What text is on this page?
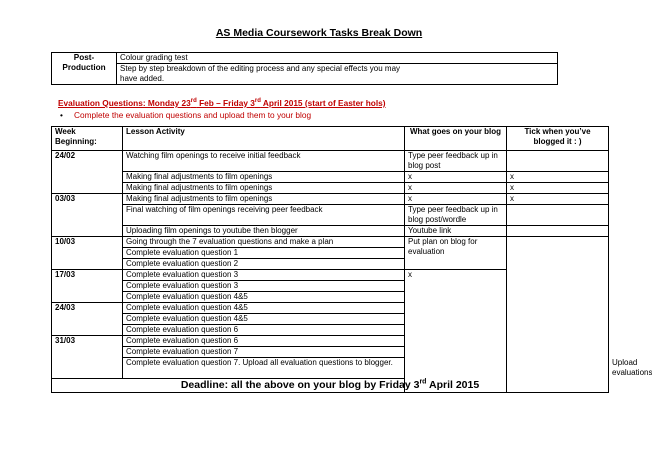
AS Media Coursework Tasks Break Down
Post-Production	Colour grading test
Step by step breakdown of the editing process and any special effects you may have added.
Evaluation Questions: Monday 23rd Feb – Friday 3rd April 2015 (start of Easter hols)
• Complete the evaluation questions and upload them to your blog
Week Beginning:	Lesson Activity	What goes on your blog	Tick when you’ve blogged it : )	
24/02	Watching film openings to receive initial feedback	Type peer feedback up in blog post		
	Making final adjustments to film openings	x	x	
	Making final adjustments to film openings	x	x	
03/03	Making final adjustments to film openings	x	x	
	Final watching of film openings receiving peer feedback	Type peer feedback up in blog post/wordle		
	Uploading film openings to youtube then blogger	Youtube link		
10/03	Going through the 7 evaluation questions and make a plan	Put plan on blog for evaluation		
	Complete evaluation question 1			
	Complete evaluation question 2			
17/03	Complete evaluation question 3	x		
	Complete evaluation question 3			
	Complete evaluation question 4&5			
24/03	Complete evaluation question 4&5			
	Complete evaluation question 4&5			
	Complete evaluation question 6			
31/03	Complete evaluation question 6			
	Complete evaluation question 7			
	Complete evaluation question 7. Upload all evaluation questions to blogger.			Upload evaluations
Deadline: all the above on your blog by Friday 3rd April 2015				
